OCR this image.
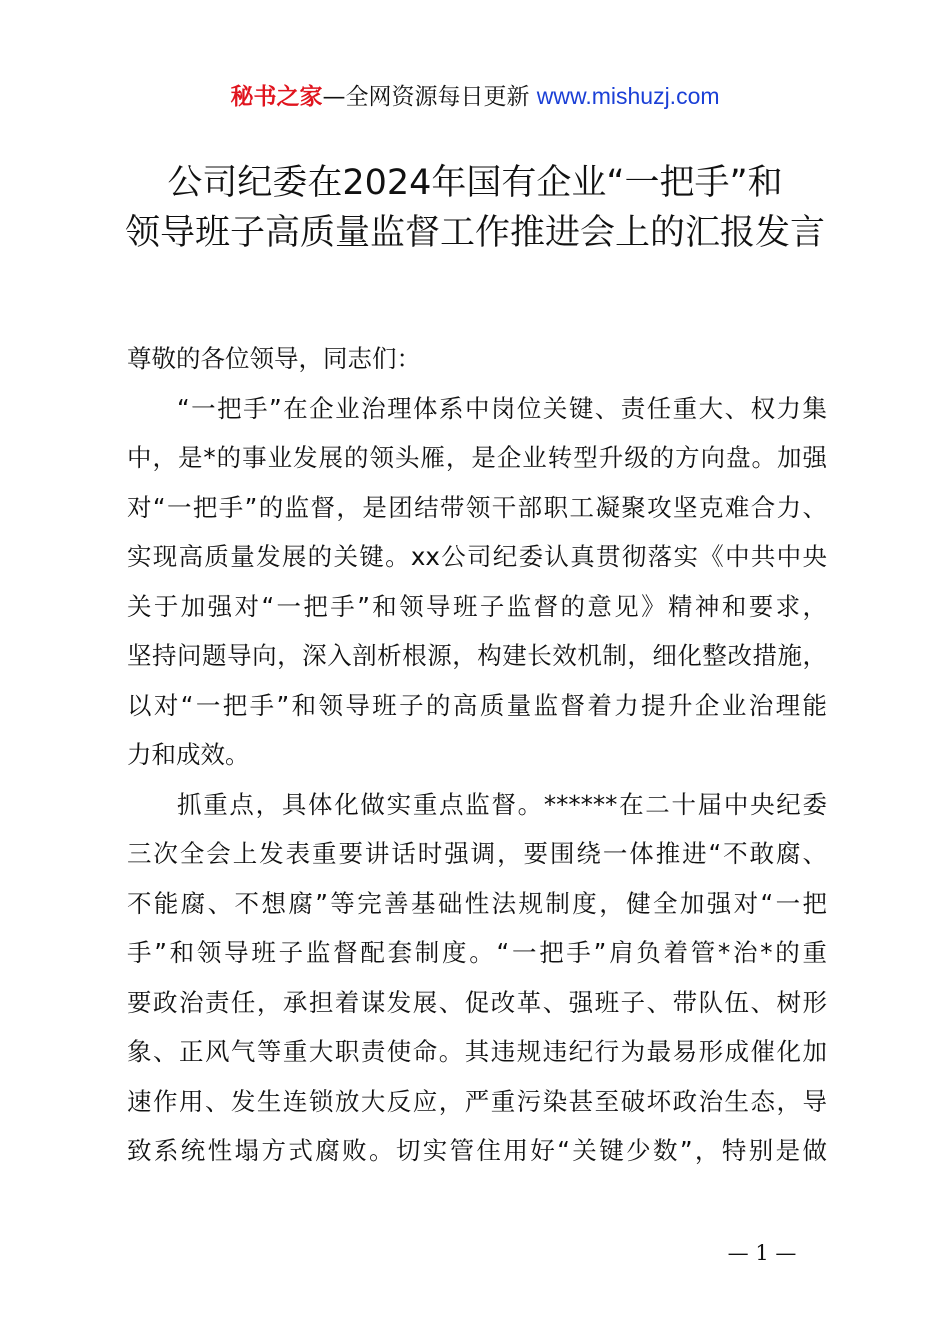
秘书之家—全网资源每日更新 www.mishuzj.com
公司纪委在2024年国有企业“一把手”和
领导班子高质量监督工作推进会上的汇报发言
尊敬的各位领导，同志们：

“一把手”在企业治理体系中岗位关键、责任重大、权力集
中，是*的事业发展的领头雁，是企业转型升级的方向盘。加强
对“一把手”的监督，是团结带领干部职工凝聚攻坚克难合力、
实现高质量发展的关键。xx公司纪委认真贯彻落实《中共中央
关于加强对“一把手”和领导班子监督的意见》精神和要求，
坚持问题导向，深入剖析根源，构建长效机制，细化整改措施，
以对“一把手”和领导班子的高质量监督着力提升企业治理能
力和成效。

抓重点，具体化做实重点监督。******在二十届中央纪委
三次全会上发表重要讲话时强调，要围绕一体推进“不敢腐、
不能腐、不想腐”等完善基础性法规制度，健全加强对“一把
手”和领导班子监督配套制度。“一把手”肩负着管*治*的重
要政治责任，承担着谋发展、促改革、强班子、带队伍、树形
象、正风气等重大职责使命。其违规违纪行为最易形成催化加
速作用、发生连锁放大反应，严重污染甚至破坏政治生态，导
致系统性塌方式腐败。切实管住用好“关键少数”，特别是做

— 1 —
